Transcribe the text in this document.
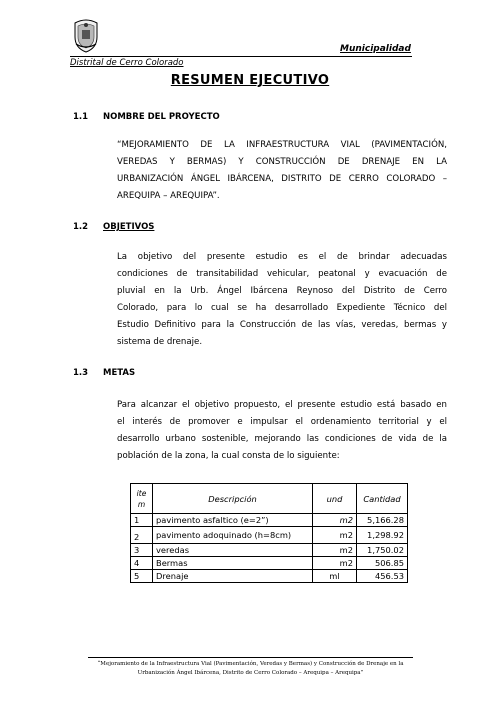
Municipalidad
Distrital de Cerro Colorado
RESUMEN EJECUTIVO
1.1 NOMBRE DEL PROYECTO
“MEJORAMIENTO DE LA INFRAESTRUCTURA VIAL (PAVIMENTACIÓN,
VEREDAS Y BERMAS) Y CONSTRUCCIÓN DE DRENAJE EN LA
URBANIZACIÓN ÁNGEL IBÁRCENA, DISTRITO DE CERRO COLORADO –
AREQUIPA – AREQUIPA”.
1.2 OBJETIVOS
La objetivo del presente estudio es el de brindar adecuadas
condiciones de transitabilidad vehicular, peatonal y evacuación de
pluvial en la Urb. Ángel Ibárcena Reynoso del Distrito de Cerro
Colorado, para lo cual se ha desarrollado Expediente Técnico del
Estudio Definitivo para la Construcción de las vías, veredas, bermas y
sistema de drenaje.
1.3 METAS
Para alcanzar el objetivo propuesto, el presente estudio está basado en
el interés de promover e impulsar el ordenamiento territorial y el
desarrollo urbano sostenible, mejorando las condiciones de vida de la
población de la zona, la cual consta de lo siguiente:
ite m	Descripción	und	Cantidad
1	pavimento asfaltico (e=2”)	m2	5,166.28
2	pavimento adoquinado (h=8cm)	m2	1,298.92
3	veredas	m2	1,750.02
4	Bermas	m2	506.85
5	Drenaje	ml	456.53
“Mejoramiento de la Infraestructura Vial (Pavimentación, Veredas y Bermas) y Construcción de Drenaje en la
Urbanización Ángel Ibárcena, Distrito de Cerro Colorado – Arequipa – Arequipa”
